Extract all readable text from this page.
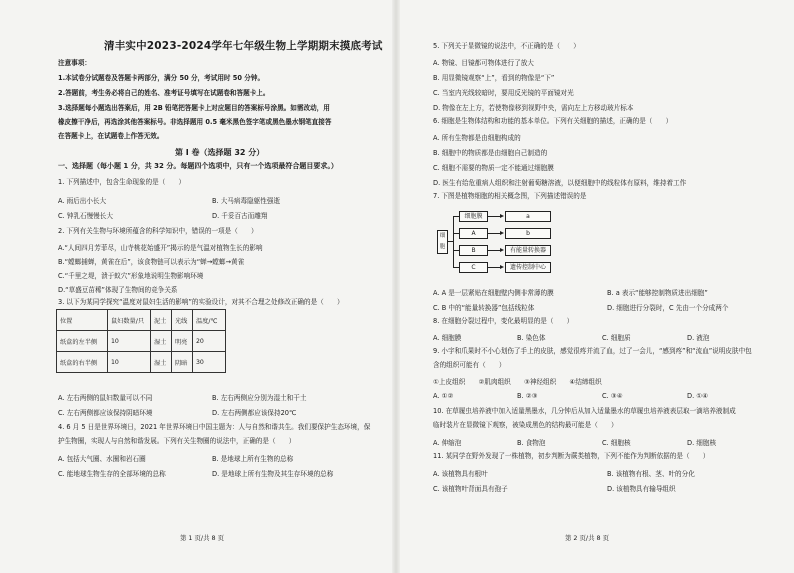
清丰实中2023-2024学年七年级生物上学期期末摸底考试
注意事项：
1.本试卷分试题卷及答题卡两部分，满分 50 分，考试用时 50 分钟。
2.答题前，考生务必将自己的姓名、准考证号填写在试题卷和答题卡上。
3.选择题每小题选出答案后，用 2B 铅笔把答题卡上对应题目的答案标号涂黑。如需改动，用
橡皮擦干净后，再选涂其他答案标号。非选择题用 0.5 毫米黑色签字笔或黑色墨水钢笔直接答
在答题卡上，在试题卷上作答无效。
第 I 卷（选择题 32 分）
一、选择题（每小题 1 分，共 32 分。每题四个选项中，只有一个选项最符合题目要求。）
1. 下列描述中，包含生命现象的是（　　）
A. 雨后出小长大	B. 大马病毒隐躯性强逝
C. 钟乳石慢慢长大	D. 千妥百古而雕翔
2. 下列有关生物与环境所蕴含的科学知识中，错误的一项是（　　）
A.“人间四月芳菲尽，山寺桃花始盛开”揭示的是气温对植物生长的影响
B.“螳螂捕蝉，黄雀在后”，该食物链可以表示为“蝉→螳螂→黄雀
C.“千里之堤，溃于蚁穴”形象地说明生物影响环境
D.“草盛豆苗稀”体现了生物间的竞争关系
3. 以下为某同学探究“温度对鼠妇生活的影响”的实验设计，对其不合理之处修改正确的是（　　）
位置	鼠妇数量/只	泥土	光线	温度/℃
纸盒的左半侧	10	湿土	明亮	20
纸盒的右半侧	10	湿土	阴暗	30
A. 左右两侧的鼠妇数量可以不同	B. 左右两侧应分别为湿土和干土
C. 左右两侧都应该保持阴暗环境	D. 左右两侧都应该保持20℃
4. 6 月 5 日是世界环境日，2021 年世界环境日中国主题为：人与自然和谐共生。我们要保护生态环境，保
护生物圈，实现人与自然和谐发展。下列有关生物圈的说法中，正确的是（　　）
A. 包括大气圈、水圈和岩石圈	B. 是地球上所有生物的总称
C. 能地球生物生存的全部环境的总称	D. 是地球上所有生物及其生存环境的总称
第 1 页/共 8 页
5. 下列关于显微镜的说法中，不正确的是（　　）
A. 物镜、目镜都可物体进行了放大
B. 用显微镜观察“上”，看到的物像是“下”
C. 当室内光线较暗时，要用反光镜的平面镜对光
D. 物像在左上方，若使物像移到视野中央，需向左上方移动玻片标本
6. 细胞是生物体结构和功能的基本单位。下列有关细胞的描述，正确的是（　　）
A. 所有生物都是由细胞构成的
B. 细胞中的物质都是由细胞自己制造的
C. 细胞不需要的物质一定不能通过细胞膜
D. 医生有给危重病人组织和注射葡萄糖溶液，以便细胞中的线粒体有原料，维持着工作
7. 下图是植物细胞的相关概念图，下列描述错误的是
细胞
细胞膜
A
B
C
a
b
有能量转换器
遗传控制中心
A. A 是一层紧贴在细胞壁内侧非常薄的膜	B. a 表示“能够控制物质进出细胞”
C. B 中的“能量转换器”包括线粒体	D. 细胞进行分裂时，C 先由一个分成两个
8. 在细胞分裂过程中，变化最明显的是（　　）
A. 细胞膜	B. 染色体	C. 细胞质	D. 液泡
9. 小宇和爪果时不小心划伤了手上的皮肤，感觉很疼并流了血，过了一会儿，“感到疼”和“流血”说明皮肤中包
含的组织可能有（　　）
①上皮组织　　②肌肉组织　　③神经组织　　④结缔组织
A. ①②	B. ②③	C. ③④	D. ①④
10. 在草履虫培养液中加入适量黑墨水，几分钟后从加入适量墨水的草履虫培养液表层取一滴培养液制成
临时装片在显微镜下观察，被染成黑色的结构最可能是（　　）
A. 伸缩泡	B. 食物泡	C. 细胞核	D. 细胞核
11. 某同学在野外发现了一株植物，初步判断为蕨类植物，下列不能作为判断依据的是（　　）
A. 该植物具有根叶	B. 该植物有根、茎、叶的分化
C. 该植物叶背面具有孢子	D. 该植物具有输导组织
第 2 页/共 8 页
